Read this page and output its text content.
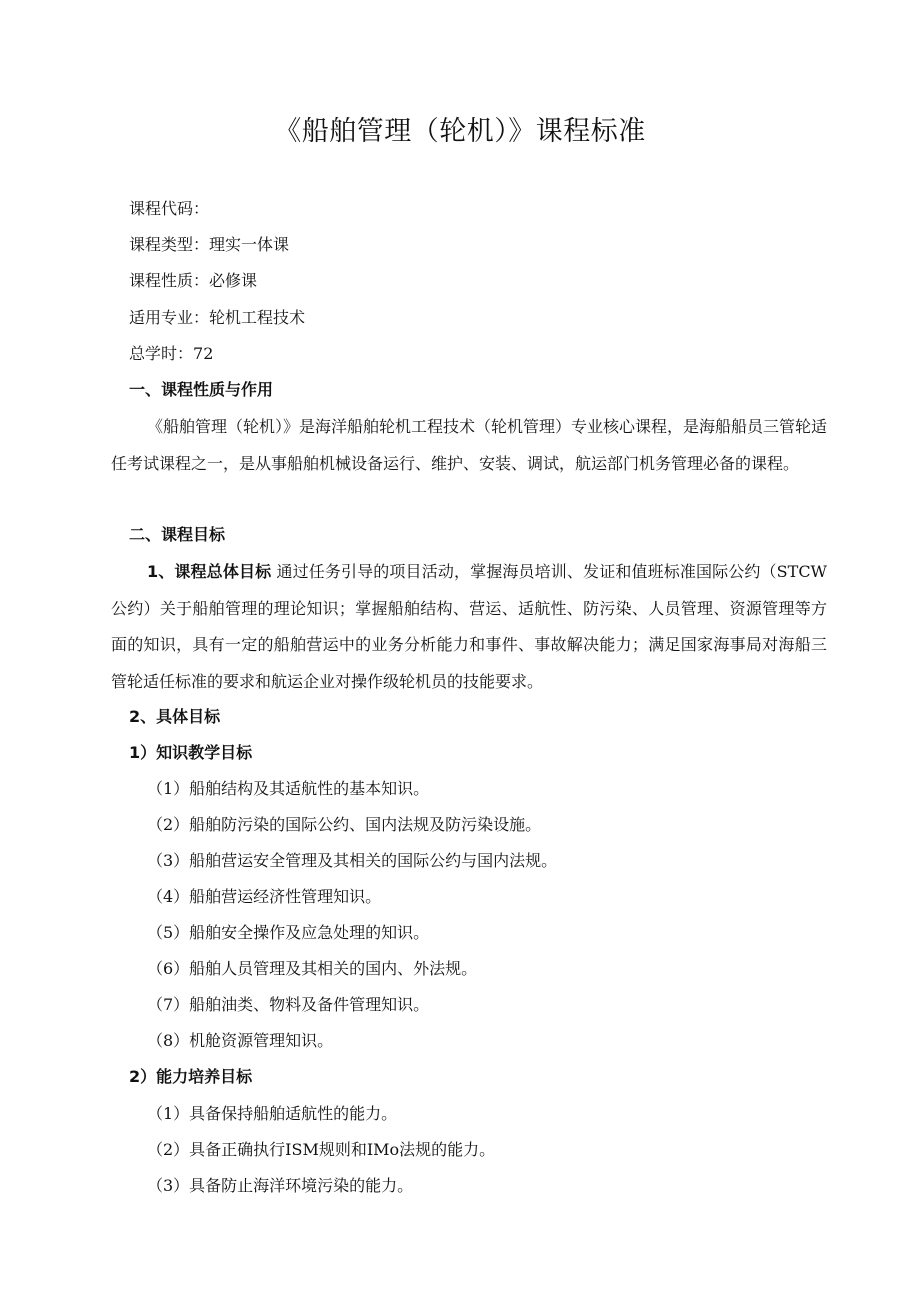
《船舶管理（轮机）》课程标准
课程代码：
课程类型：理实一体课
课程性质：必修课
适用专业：轮机工程技术
总学时：72
一、课程性质与作用
《船舶管理（轮机）》是海洋船舶轮机工程技术（轮机管理）专业核心课程，是海船船员三管轮适任考试课程之一，是从事船舶机械设备运行、维护、安装、调试，航运部门机务管理必备的课程。
二、课程目标
1、课程总体目标 通过任务引导的项目活动，掌握海员培训、发证和值班标准国际公约（STCW公约）关于船舶管理的理论知识；掌握船舶结构、营运、适航性、防污染、人员管理、资源管理等方面的知识，具有一定的船舶营运中的业务分析能力和事件、事故解决能力；满足国家海事局对海船三管轮适任标准的要求和航运企业对操作级轮机员的技能要求。
2、具体目标
1）知识教学目标
（1）船舶结构及其适航性的基本知识。
（2）船舶防污染的国际公约、国内法规及防污染设施。
（3）船舶营运安全管理及其相关的国际公约与国内法规。
（4）船舶营运经济性管理知识。
（5）船舶安全操作及应急处理的知识。
（6）船舶人员管理及其相关的国内、外法规。
（7）船舶油类、物料及备件管理知识。
（8）机舱资源管理知识。
2）能力培养目标
（1）具备保持船舶适航性的能力。
（2）具备正确执行ISM规则和IMo法规的能力。
（3）具备防止海洋环境污染的能力。
